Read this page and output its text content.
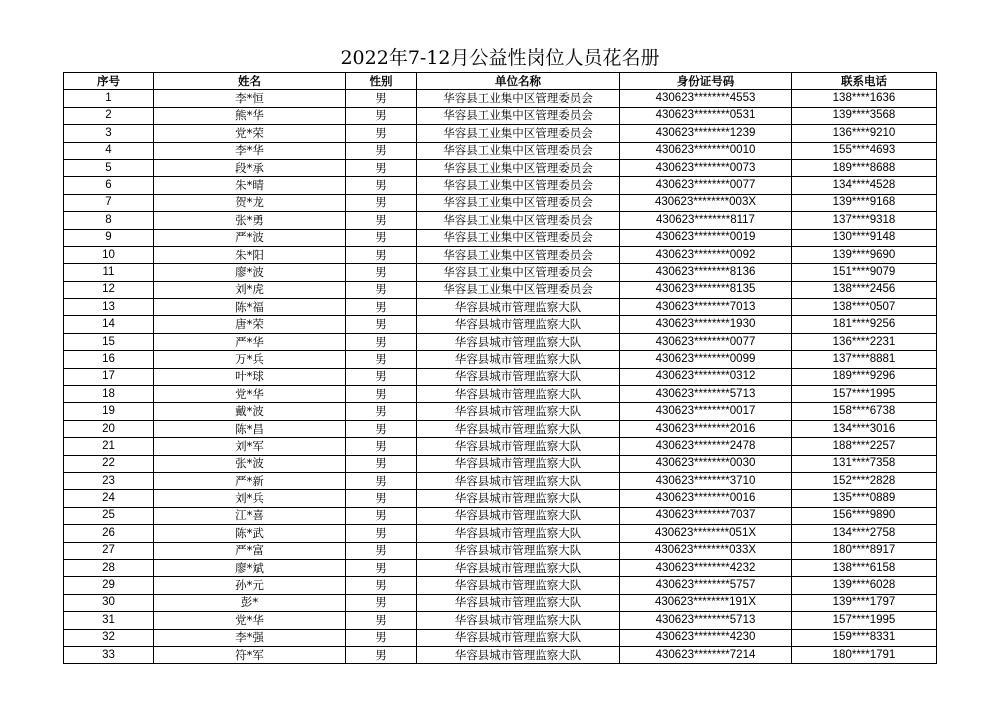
2022年7-12月公益性岗位人员花名册
序号	姓名	性别	单位名称	身份证号码	联系电话
1	李*恒	男	华容县工业集中区管理委员会	430623********4553	138****1636
2	熊*华	男	华容县工业集中区管理委员会	430623********0531	139****3568
3	党*荣	男	华容县工业集中区管理委员会	430623********1239	136****9210
4	李*华	男	华容县工业集中区管理委员会	430623********0010	155****4693
5	段*承	男	华容县工业集中区管理委员会	430623********0073	189****8688
6	朱*晴	男	华容县工业集中区管理委员会	430623********0077	134****4528
7	贺*龙	男	华容县工业集中区管理委员会	430623********003X	139****9168
8	张*勇	男	华容县工业集中区管理委员会	430623********8117	137****9318
9	严*波	男	华容县工业集中区管理委员会	430623********0019	130****9148
10	朱*阳	男	华容县工业集中区管理委员会	430623********0092	139****9690
11	廖*波	男	华容县工业集中区管理委员会	430623********8136	151****9079
12	刘*虎	男	华容县工业集中区管理委员会	430623********8135	138****2456
13	陈*福	男	华容县城市管理监察大队	430623********7013	138****0507
14	唐*荣	男	华容县城市管理监察大队	430623********1930	181****9256
15	严*华	男	华容县城市管理监察大队	430623********0077	136****2231
16	万*兵	男	华容县城市管理监察大队	430623********0099	137****8881
17	叶*球	男	华容县城市管理监察大队	430623********0312	189****9296
18	党*华	男	华容县城市管理监察大队	430623********5713	157****1995
19	戴*波	男	华容县城市管理监察大队	430623********0017	158****6738
20	陈*昌	男	华容县城市管理监察大队	430623********2016	134****3016
21	刘*军	男	华容县城市管理监察大队	430623********2478	188****2257
22	张*波	男	华容县城市管理监察大队	430623********0030	131****7358
23	严*新	男	华容县城市管理监察大队	430623********3710	152****2828
24	刘*兵	男	华容县城市管理监察大队	430623********0016	135****0889
25	江*喜	男	华容县城市管理监察大队	430623********7037	156****9890
26	陈*武	男	华容县城市管理监察大队	430623********051X	134****2758
27	严*富	男	华容县城市管理监察大队	430623********033X	180****8917
28	廖*斌	男	华容县城市管理监察大队	430623********4232	138****6158
29	孙*元	男	华容县城市管理监察大队	430623********5757	139****6028
30	彭*	男	华容县城市管理监察大队	430623********191X	139****1797
31	党*华	男	华容县城市管理监察大队	430623********5713	157****1995
32	李*强	男	华容县城市管理监察大队	430623********4230	159****8331
33	符*军	男	华容县城市管理监察大队	430623********7214	180****1791
